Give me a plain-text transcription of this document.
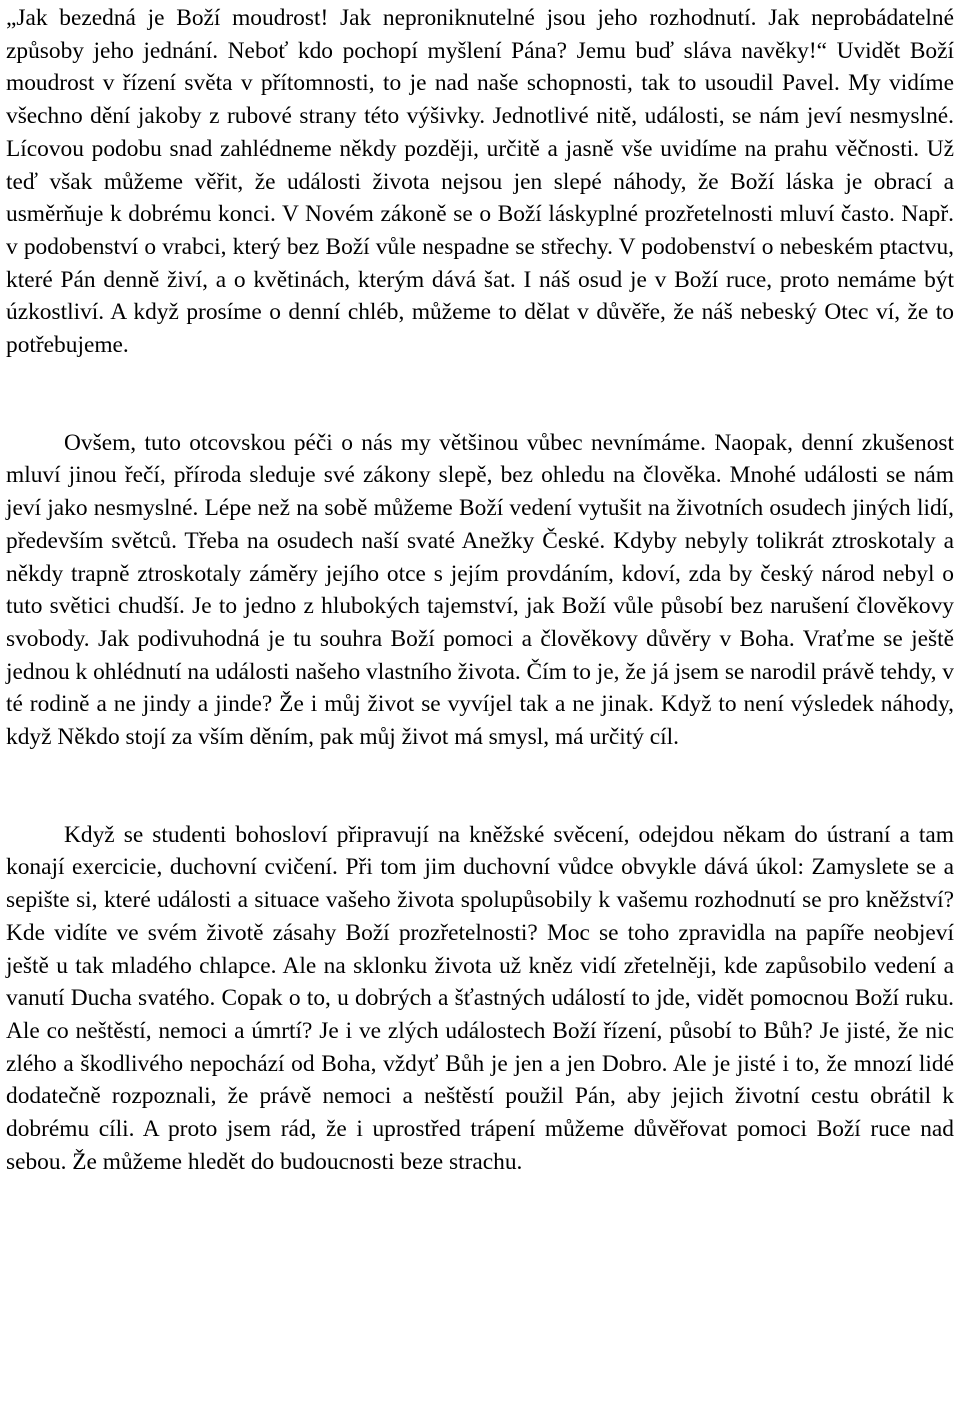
„Jak bezedná je Boží moudrost! Jak neproniknutelné jsou jeho rozhodnutí. Jak neprobádatelné způsoby jeho jednání. Neboť kdo pochopí myšlení Pána? Jemu buď sláva navěky!“ Uvidět Boží moudrost v řízení světa v přítomnosti, to je nad naše schopnosti, tak to usoudil Pavel. My vidíme všechno dění jakoby z rubové strany této výšivky. Jednotlivé nitě, události, se nám jeví nesmyslné. Lícovou podobu snad zahlédneme někdy později, určitě a jasně vše uvidíme na prahu věčnosti. Už teď však můžeme věřit, že události života nejsou jen slepé náhody, že Boží láska je obrací a usměrňuje k dobrému konci. V Novém zákoně se o Boží láskyplné prozřetelnosti mluví často. Např. v podobenství o vrabci, který bez Boží vůle nespadne se střechy. V podobenství o nebeském ptactvu, které Pán denně živí, a o květinách, kterým dává šat. I náš osud je v Boží ruce, proto nemáme být úzkostliví. A když prosíme o denní chléb, můžeme to dělat v důvěře, že náš nebeský Otec ví, že to potřebujeme.

Ovšem, tuto otcovskou péči o nás my většinou vůbec nevnímáme. Naopak, denní zkušenost mluví jinou řečí, příroda sleduje své zákony slepě, bez ohledu na člověka. Mnohé události se nám jeví jako nesmyslné. Lépe než na sobě můžeme Boží vedení vytušit na životních osudech jiných lidí, především světců. Třeba na osudech naší svaté Anežky České. Kdyby nebyly tolikrát ztroskotaly a někdy trapně ztroskotaly záměry jejího otce s jejím provdáním, kdoví, zda by český národ nebyl o tuto světici chudší. Je to jedno z hlubokých tajemství, jak Boží vůle působí bez narušení člověkovy svobody. Jak podivuhodná je tu souhra Boží pomoci a člověkovy důvěry v Boha. Vraťme se ještě jednou k ohlédnutí na události našeho vlastního života. Čím to je, že já jsem se narodil právě tehdy, v té rodině a ne jindy a jinde? Že i můj život se vyvíjel tak a ne jinak. Když to není výsledek náhody, když Někdo stojí za vším děním, pak můj život má smysl, má určitý cíl.

Když se studenti bohosloví připravují na kněžské svěcení, odejdou někam do ústraní a tam konají exercicie, duchovní cvičení. Při tom jim duchovní vůdce obvykle dává úkol: Zamyslete se a sepište si, které události a situace vašeho života spolupůsobily k vašemu rozhodnutí se pro kněžství? Kde vidíte ve svém životě zásahy Boží prozřetelnosti? Moc se toho zpravidla na papíře neobjeví ještě u tak mladého chlapce. Ale na sklonku života už kněz vidí zřetelněji, kde zapůsobilo vedení a vanutí Ducha svatého. Copak o to, u dobrých a šťastných událostí to jde, vidět pomocnou Boží ruku. Ale co neštěstí, nemoci a úmrtí? Je i ve zlých událostech Boží řízení, působí to Bůh? Je jisté, že nic zlého a škodlivého nepochází od Boha, vždyť Bůh je jen a jen Dobro. Ale je jisté i to, že mnozí lidé dodatečně rozpoznali, že právě nemoci a neštěstí použil Pán, aby jejich životní cestu obrátil k dobrému cíli. A proto jsem rád, že i uprostřed trápení můžeme důvěřovat pomoci Boží ruce nad sebou. Že můžeme hledět do budoucnosti beze strachu.
